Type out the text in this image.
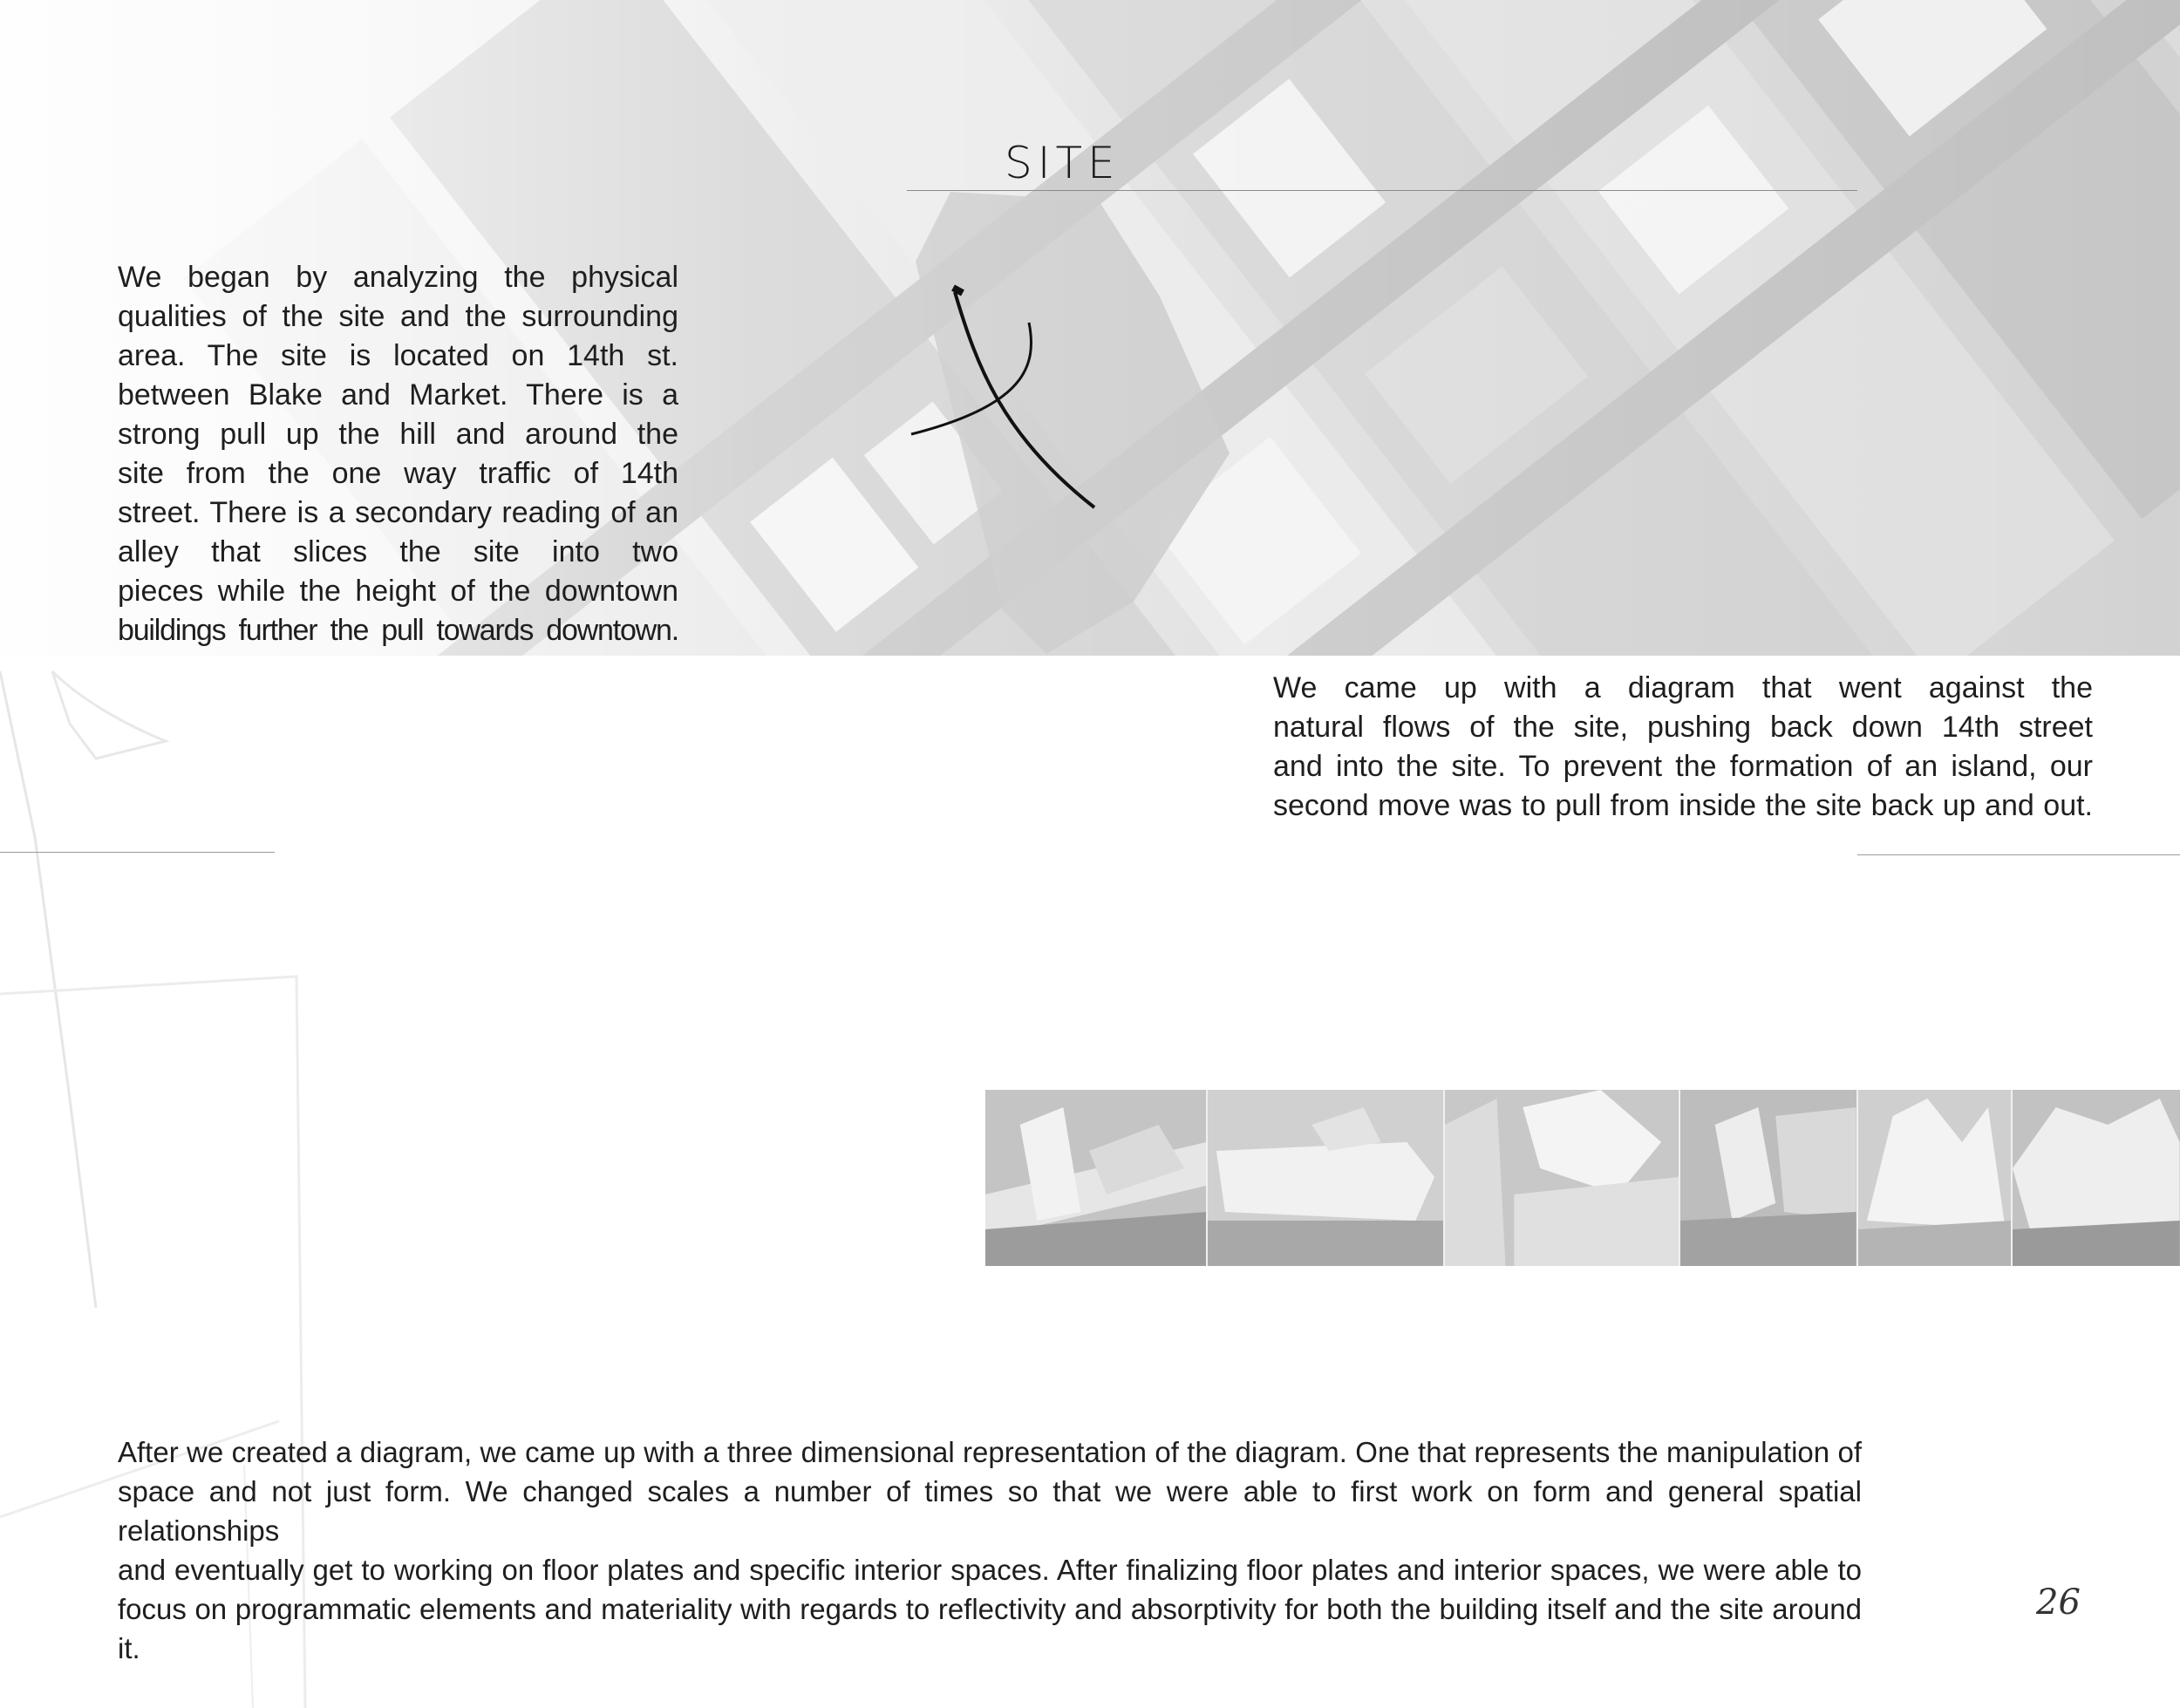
SITE
We began by analyzing the physical
qualities of the site and the surrounding
area. The site is located on 14th st.
between Blake and Market. There is a
strong pull up the hill and around the
site from the one way traffic of 14th
street. There is a secondary reading of an
alley that slices the site into two
pieces while the height of the downtown
buildings further the pull towards downtown.
We came up with a diagram that went against the
natural flows of the site, pushing back down 14th street
and into the site. To prevent the formation of an island, our
second move was to pull from inside the site back up and out.
After we created a diagram, we came up with a three dimensional representation of the diagram. One that represents the manipulation of
space and not just form. We changed scales a number of times so that we were able to first work on form and general spatial relationships
and eventually get to working on floor plates and specific interior spaces. After finalizing floor plates and interior spaces, we were able to
focus on programmatic elements and materiality with regards to reflectivity and absorptivity for both the building itself and the site around it.
26
